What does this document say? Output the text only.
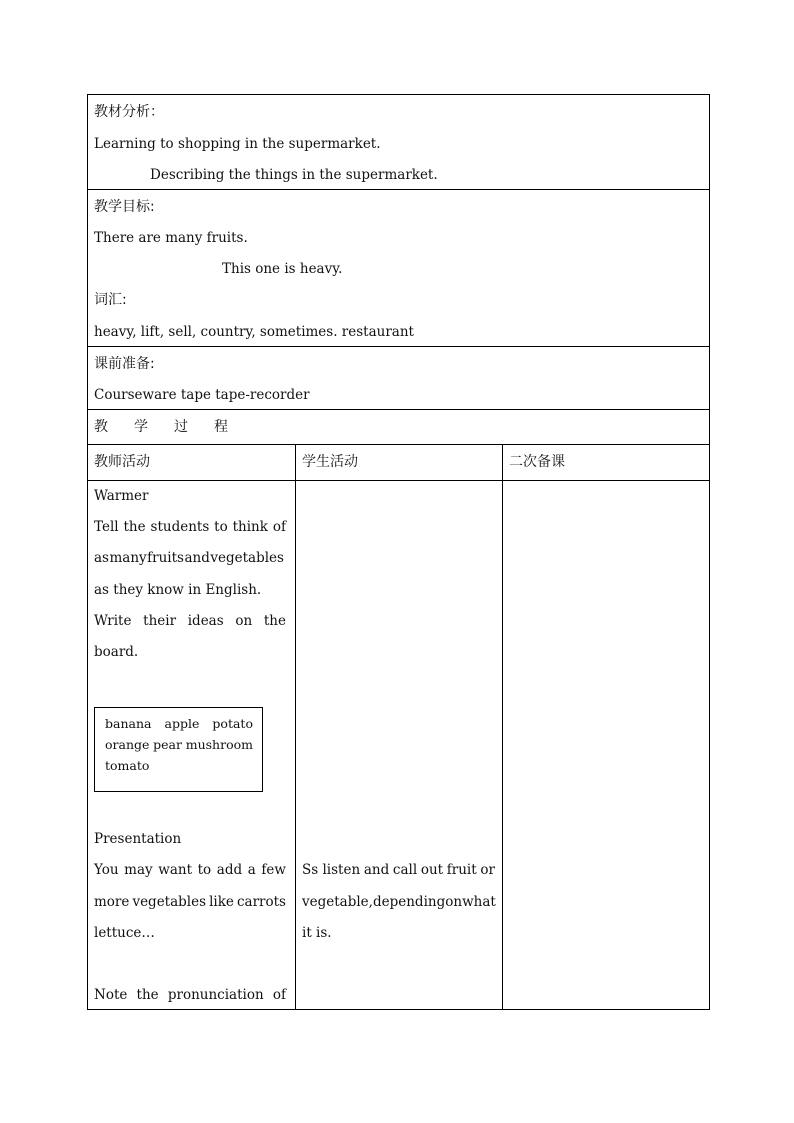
教材分析：
Learning to shopping in the supermarket.
Describing the things in the supermarket.
教学目标:
There are many fruits.
This one is heavy.
词汇:
heavy, lift, sell, country, sometimes. restaurant
课前准备:
Courseware tape tape-recorder
教 学 过 程
教师活动	学生活动	二次备课
Warmer
Tell the students to think of
as many fruits and vegetables
as they know in English.
Write their ideas on the
board.
banana apple potato
orange pear mushroom
tomato
Presentation
You may want to add a few
more vegetables like carrots
lettuce…
Note the pronunciation of
Ss listen and call out fruit or
vegetable, depending on what
it is.
